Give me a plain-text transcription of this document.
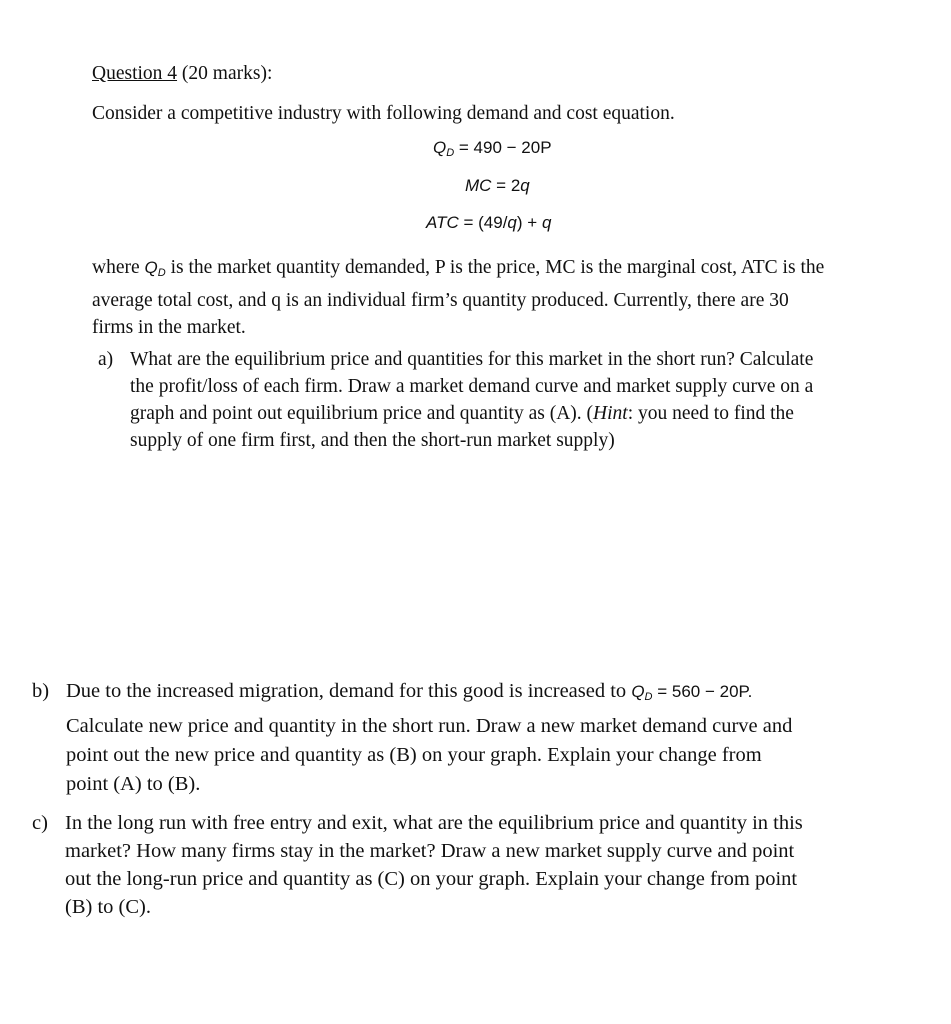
Question 4 (20 marks):
Consider a competitive industry with following demand and cost equation.
$Q_D = 490 - 20P$
MC = 2q
ATC = (49/q) + q
where $Q_D$ is the market quantity demanded, P is the price, MC is the marginal cost, ATC is the
average total cost, and q is an individual firm’s quantity produced. Currently, there are 30
firms in the market.
a) What are the equilibrium price and quantities for this market in the short run? Calculate
the profit/loss of each firm. Draw a market demand curve and market supply curve on a
graph and point out equilibrium price and quantity as (A). (Hint: you need to find the
supply of one firm first, and then the short-run market supply)
b) Due to the increased migration, demand for this good is increased to $Q_D = 560 - 20P$.
Calculate new price and quantity in the short run. Draw a new market demand curve and
point out the new price and quantity as (B) on your graph. Explain your change from
point (A) to (B).
c) In the long run with free entry and exit, what are the equilibrium price and quantity in this
market? How many firms stay in the market? Draw a new market supply curve and point
out the long-run price and quantity as (C) on your graph. Explain your change from point
(B) to (C).
